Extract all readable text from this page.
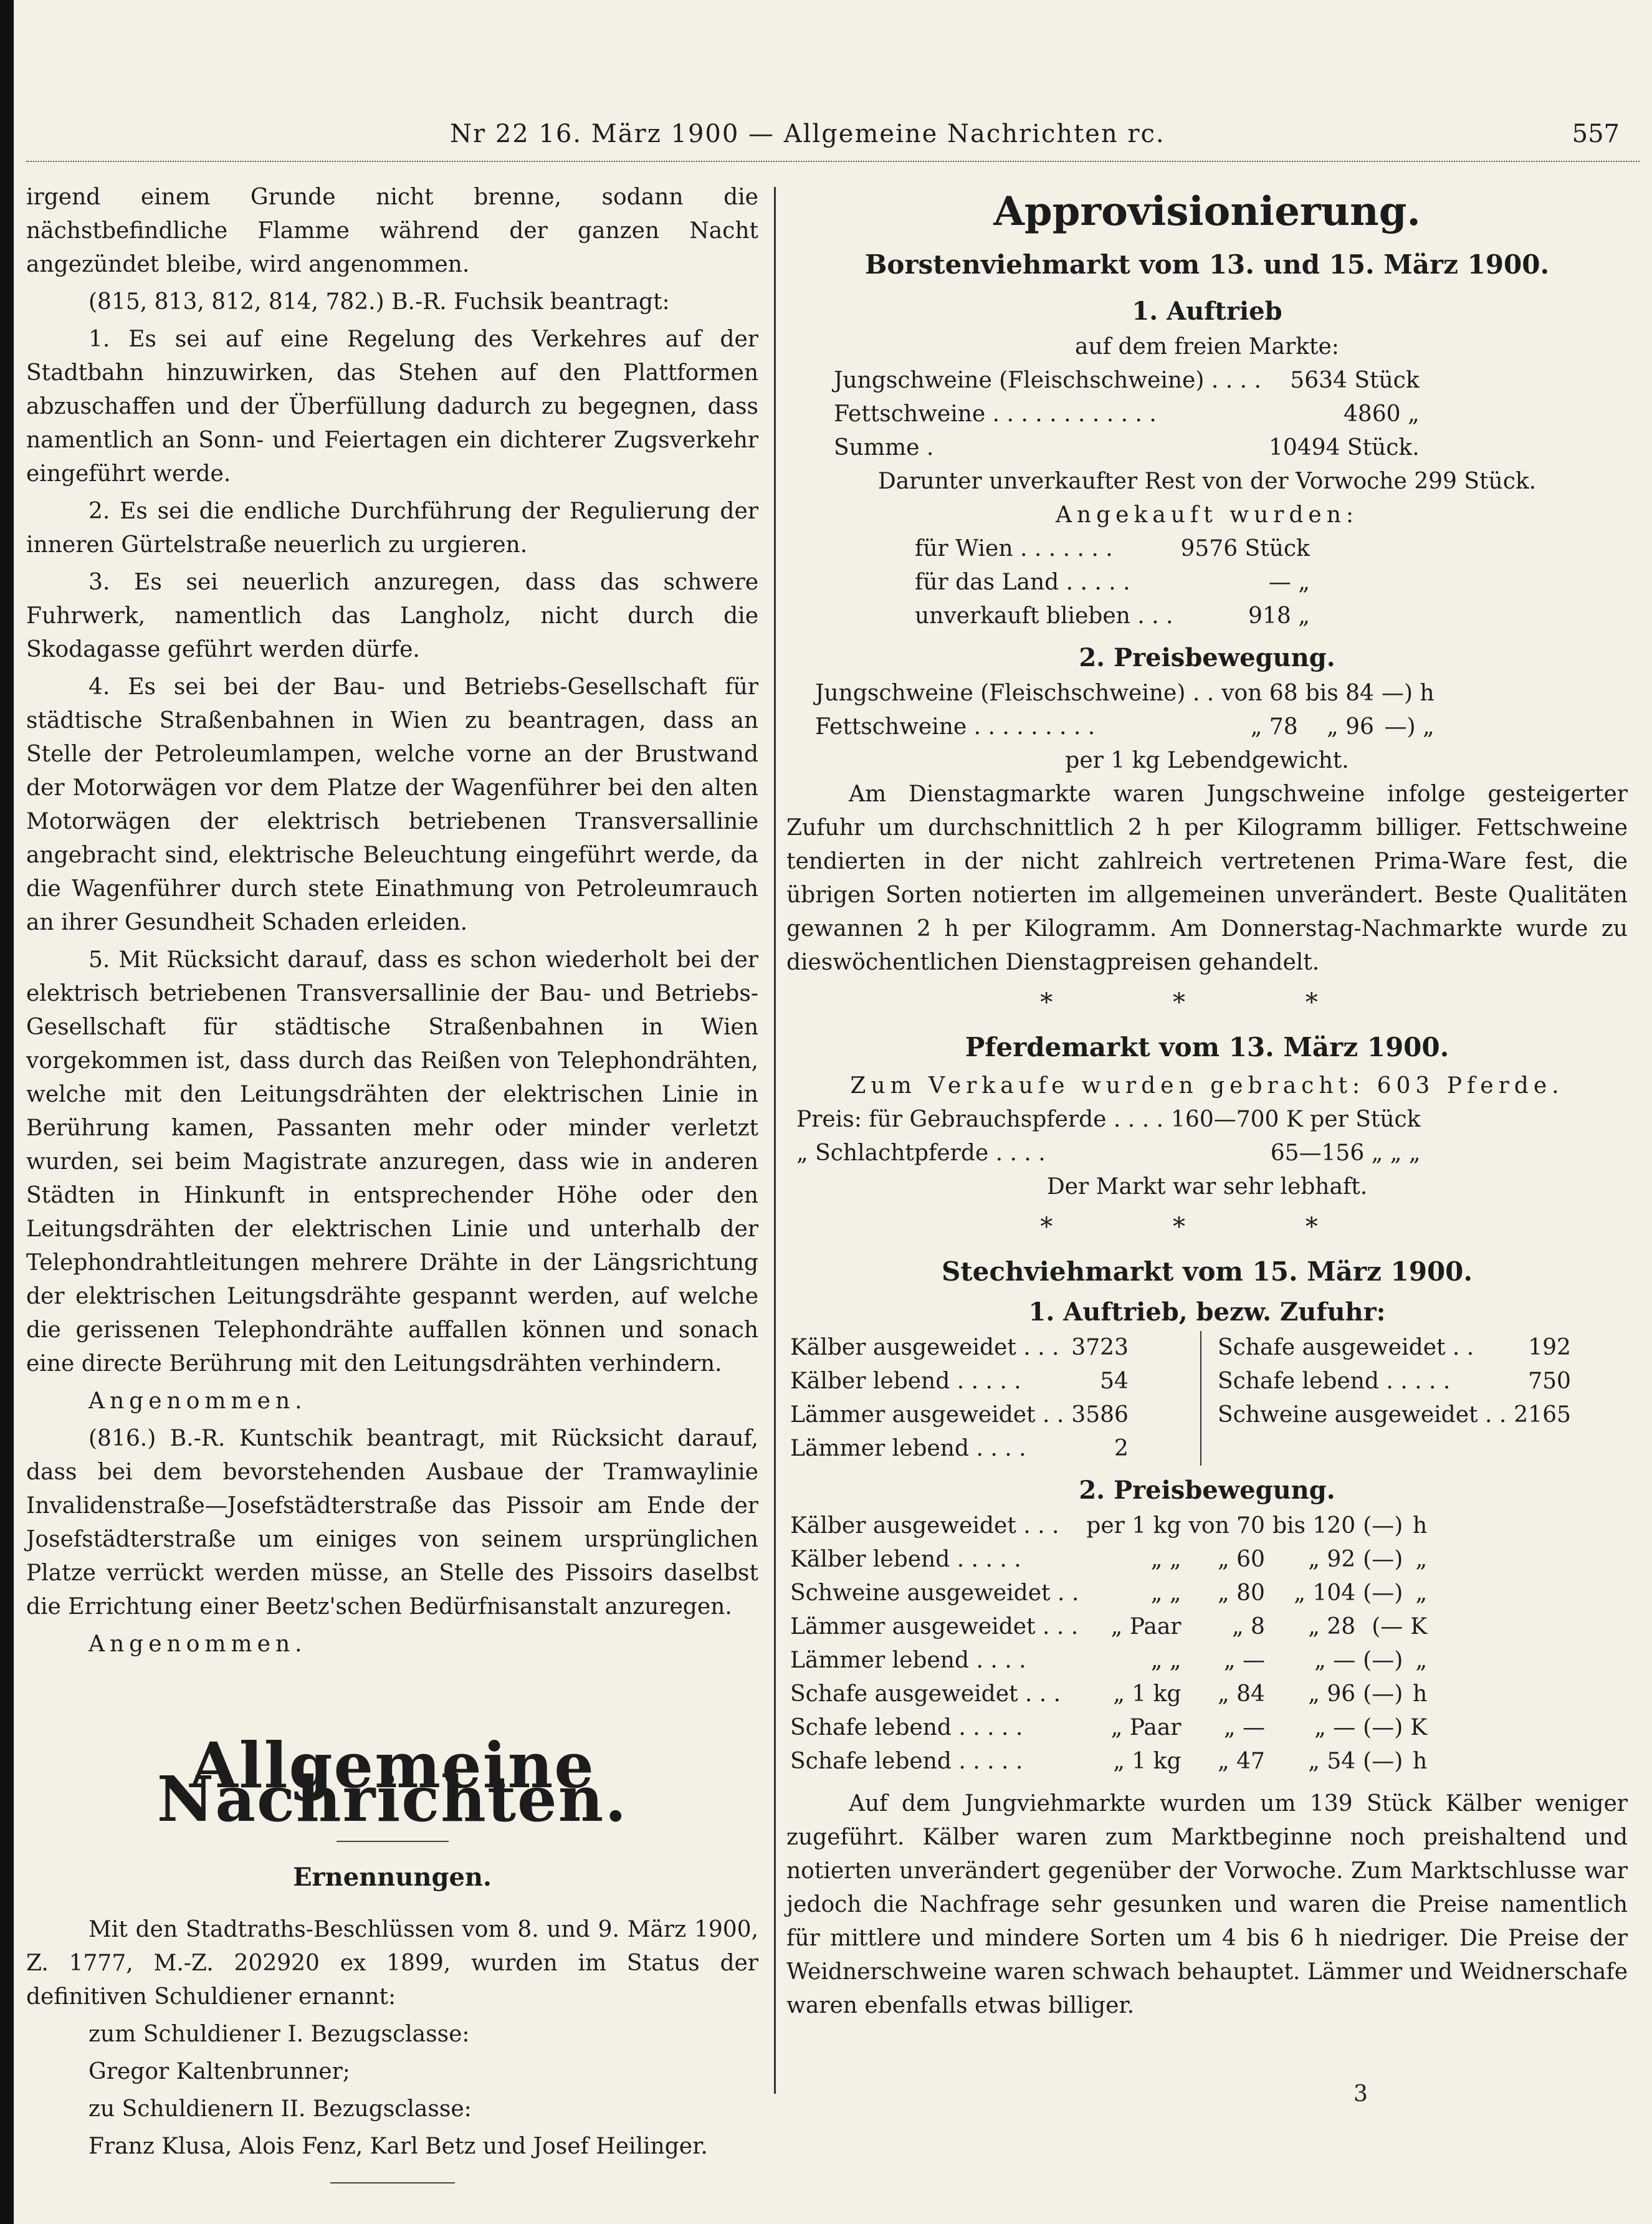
Nr 22 16. März 1900 — Allgemeine Nachrichten rc.	557

irgend einem Grunde nicht brenne, sodann die nächstbefindliche Flamme während der ganzen Nacht angezündet bleibe, wird angenommen.

(815, 813, 812, 814, 782.) B.-R. Fuchsik beantragt:

1. Es sei auf eine Regelung des Verkehres auf der Stadtbahn hinzuwirken, das Stehen auf den Plattformen abzuschaffen und der Überfüllung dadurch zu begegnen, dass namentlich an Sonn- und Feiertagen ein dichterer Zugsverkehr eingeführt werde.

2. Es sei die endliche Durchführung der Regulierung der inneren Gürtelstraße neuerlich zu urgieren.

3. Es sei neuerlich anzuregen, dass das schwere Fuhrwerk, namentlich das Langholz, nicht durch die Skodagasse geführt werden dürfe.

4. Es sei bei der Bau- und Betriebs-Gesellschaft für städtische Straßenbahnen in Wien zu beantragen, dass an Stelle der Petroleumlampen, welche vorne an der Brustwand der Motorwägen vor dem Platze der Wagenführer bei den alten Motorwägen der elektrisch betriebenen Transversallinie angebracht sind, elektrische Beleuchtung eingeführt werde, da die Wagenführer durch stete Einathmung von Petroleumrauch an ihrer Gesundheit Schaden erleiden.

5. Mit Rücksicht darauf, dass es schon wiederholt bei der elektrisch betriebenen Transversallinie der Bau- und Betriebs-Gesellschaft für städtische Straßenbahnen in Wien vorgekommen ist, dass durch das Reißen von Telephondrähten, welche mit den Leitungsdrähten der elektrischen Linie in Berührung kamen, Passanten mehr oder minder verletzt wurden, sei beim Magistrate anzuregen, dass wie in anderen Städten in Hinkunft in entsprechender Höhe oder den Leitungsdrähten der elektrischen Linie und unterhalb der Telephondrahtleitungen mehrere Drähte in der Längsrichtung der elektrischen Leitungsdrähte gespannt werden, auf welche die gerissenen Telephondrähte auffallen können und sonach eine directe Berührung mit den Leitungsdrähten verhindern.

Angenommen.

(816.) B.-R. Kuntschik beantragt, mit Rücksicht darauf, dass bei dem bevorstehenden Ausbaue der Tramwaylinie Invalidenstraße—Josefstädterstraße das Pissoir am Ende der Josefstädterstraße um einiges von seinem ursprünglichen Platze verrückt werden müsse, an Stelle des Pissoirs daselbst die Errichtung einer Beetz'schen Bedürfnisanstalt anzuregen.

Angenommen.

Allgemeine Nachrichten.
Ernennungen.

Mit den Stadtraths-Beschlüssen vom 8. und 9. März 1900, Z. 1777, M.-Z. 202920 ex 1899, wurden im Status der definitiven Schuldiener ernannt:

zum Schuldiener I. Bezugsclasse:

Gregor Kaltenbrunner;

zu Schuldienern II. Bezugsclasse:

Franz Klusa, Alois Fenz, Karl Betz und Josef Heilinger.

Approvisionierung.
Borstenviehmarkt vom 13. und 15. März 1900.
1. Auftrieb
auf dem freien Markte:
Jungschweine (Fleischschweine) . . . .	5634 Stück
Fettschweine . . . . . . . . . . . .	4860 „
Summe .	10494 Stück.
Darunter unverkaufter Rest von der Vorwoche 299 Stück.
Angekauft wurden:
für Wien . . . . . . .	9576 Stück
für das Land . . . . .	— „
unverkauft blieben . . .	918 „
2. Preisbewegung.
Jungschweine (Fleischschweine) . .	von 68	bis 84	—) h
Fettschweine . . . . . . . . .	„ 78	„ 96	—) „
per 1 kg Lebendgewicht.

Am Dienstagmarkte waren Jungschweine infolge gesteigerter Zufuhr um durchschnittlich 2 h per Kilogramm billiger. Fettschweine tendierten in der nicht zahlreich vertretenen Prima-Ware fest, die übrigen Sorten notierten im allgemeinen unverändert. Beste Qualitäten gewannen 2 h per Kilogramm. Am Donnerstag-Nachmarkte wurde zu dieswöchentlichen Dienstagpreisen gehandelt.

* * *
Pferdemarkt vom 13. März 1900.
Zum Verkaufe wurden gebracht: 603 Pferde.
Preis: für Gebrauchspferde . . . .	160—700 K per Stück
„ Schlachtpferde . . . .	65—156 „ „ „
Der Markt war sehr lebhaft.
* * *
Stechviehmarkt vom 15. März 1900.
1. Auftrieb, bezw. Zufuhr:
Kälber ausgeweidet . . .	3723
Kälber lebend . . . . .	54
Lämmer ausgeweidet . .	3586
Lämmer lebend . . . .	2
Schafe ausgeweidet . .	192
Schafe lebend . . . . .	750
Schweine ausgeweidet . .	2165
2. Preisbewegung.
Kälber ausgeweidet . . .	per 1 kg	von 70	bis 120	(—)	h
Kälber lebend . . . . .	„ „	„ 60	„ 92	(—)	„
Schweine ausgeweidet . .	„ „	„ 80	„ 104	(—)	„
Lämmer ausgeweidet . . .	„ Paar	„ 8	„ 28	(—	K
Lämmer lebend . . . .	„ „	„ —	„ —	(—)	„
Schafe ausgeweidet . . .	„ 1 kg	„ 84	„ 96	(—)	h
Schafe lebend . . . . .	„ Paar	„ —	„ —	(—)	K
Schafe lebend . . . . .	„ 1 kg	„ 47	„ 54	(—)	h

Auf dem Jungviehmarkte wurden um 139 Stück Kälber weniger zugeführt. Kälber waren zum Marktbeginne noch preishaltend und notierten unverändert gegenüber der Vorwoche. Zum Marktschlusse war jedoch die Nachfrage sehr gesunken und waren die Preise namentlich für mittlere und mindere Sorten um 4 bis 6 h niedriger. Die Preise der Weidnerschweine waren schwach behauptet. Lämmer und Weidnerschafe waren ebenfalls etwas billiger.

3
